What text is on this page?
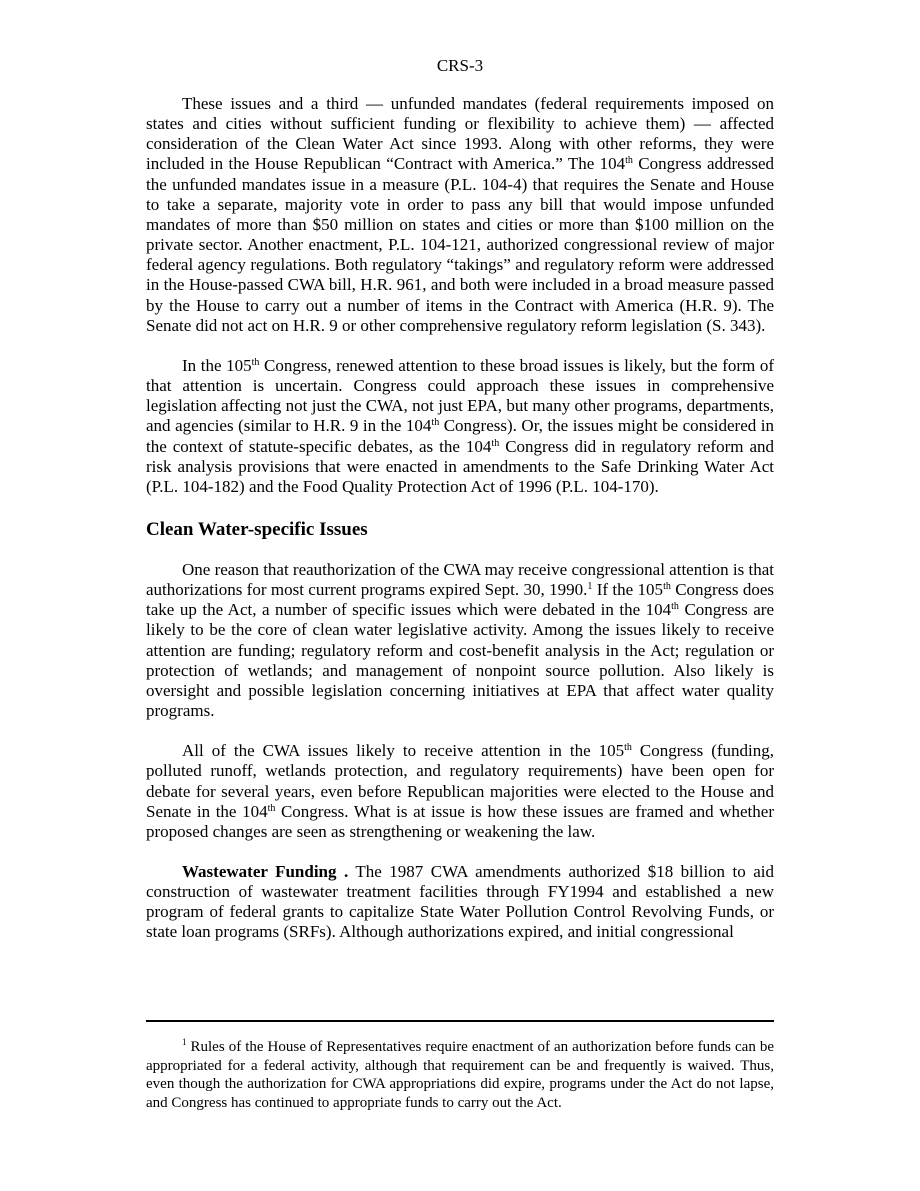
CRS-3

These issues and a third — unfunded mandates (federal requirements imposed on states and cities without sufficient funding or flexibility to achieve them) — affected consideration of the Clean Water Act since 1993. Along with other reforms, they were included in the House Republican “Contract with America.” The 104th Congress addressed the unfunded mandates issue in a measure (P.L. 104-4) that requires the Senate and House to take a separate, majority vote in order to pass any bill that would impose unfunded mandates of more than $50 million on states and cities or more than $100 million on the private sector. Another enactment, P.L. 104-121, authorized congressional review of major federal agency regulations. Both regulatory “takings” and regulatory reform were addressed in the House-passed CWA bill, H.R. 961, and both were included in a broad measure passed by the House to carry out a number of items in the Contract with America (H.R. 9). The Senate did not act on H.R. 9 or other comprehensive regulatory reform legislation (S. 343).

In the 105th Congress, renewed attention to these broad issues is likely, but the form of that attention is uncertain. Congress could approach these issues in comprehensive legislation affecting not just the CWA, not just EPA, but many other programs, departments, and agencies (similar to H.R. 9 in the 104th Congress). Or, the issues might be considered in the context of statute-specific debates, as the 104th Congress did in regulatory reform and risk analysis provisions that were enacted in amendments to the Safe Drinking Water Act (P.L. 104-182) and the Food Quality Protection Act of 1996 (P.L. 104-170).

Clean Water-specific Issues

One reason that reauthorization of the CWA may receive congressional attention is that authorizations for most current programs expired Sept. 30, 1990.$^1$ If the 105th Congress does take up the Act, a number of specific issues which were debated in the 104th Congress are likely to be the core of clean water legislative activity. Among the issues likely to receive attention are funding; regulatory reform and cost-benefit analysis in the Act; regulation or protection of wetlands; and management of nonpoint source pollution. Also likely is oversight and possible legislation concerning initiatives at EPA that affect water quality programs.

All of the CWA issues likely to receive attention in the 105th Congress (funding, polluted runoff, wetlands protection, and regulatory requirements) have been open for debate for several years, even before Republican majorities were elected to the House and Senate in the 104th Congress. What is at issue is how these issues are framed and whether proposed changes are seen as strengthening or weakening the law.

Wastewater Funding . The 1987 CWA amendments authorized $18 billion to aid construction of wastewater treatment facilities through FY1994 and established a new program of federal grants to capitalize State Water Pollution Control Revolving Funds, or state loan programs (SRFs). Although authorizations expired, and initial congressional

$^1$ Rules of the House of Representatives require enactment of an authorization before funds can be appropriated for a federal activity, although that requirement can be and frequently is waived. Thus, even though the authorization for CWA appropriations did expire, programs under the Act do not lapse, and Congress has continued to appropriate funds to carry out the Act.
